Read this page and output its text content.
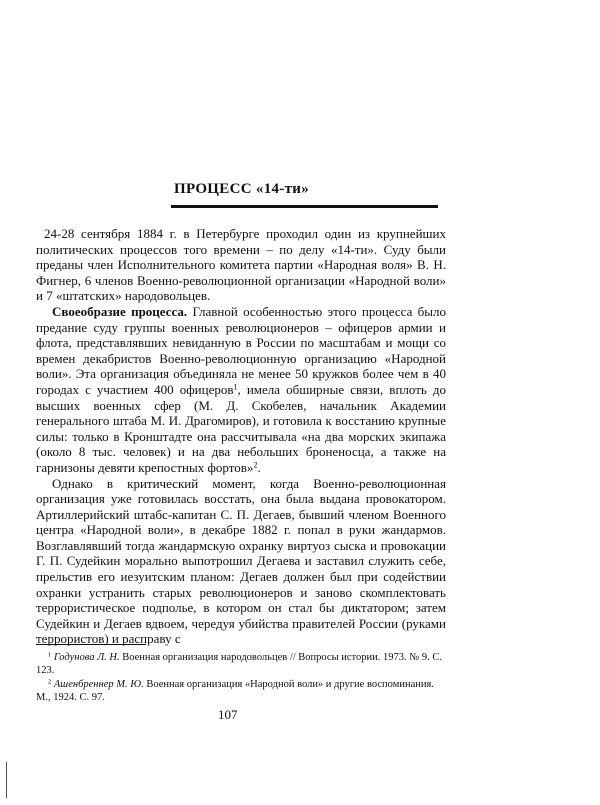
ПРОЦЕСС «14-ти»

24-28 сентября 1884 г. в Петербурге проходил один из крупнейших политических процессов того времени – по делу «14-ти». Суду были преданы член Исполнительного комитета партии «Народная воля» В. Н. Фигнер, 6 членов Военно-революционной организации «Народной воли» и 7 «штатских» народовольцев.

Своеобразие процесса. Главной особенностью этого процесса было предание суду группы военных революционеров – офицеров армии и флота, представлявших невиданную в России по масштабам и мощи со времен декабристов Военно-революционную организацию «Народной воли». Эта организация объединяла не менее 50 кружков более чем в 40 городах с участием 400 офицеров$^1$, имела обширные связи, вплоть до высших военных сфер (М. Д. Скобелев, начальник Академии генерального штаба М. И. Драгомиров), и готовила к восстанию крупные силы: только в Кронштадте она рассчитывала «на два морских экипажа (около 8 тыс. человек) и на два небольших броненосца, а также на гарнизоны девяти крепостных фортов»$^2$.

Однако в критический момент, когда Военно-революционная организация уже готовилась восстать, она была выдана провокатором. Артиллерийский штабс-капитан С. П. Дегаев, бывший членом Военного центра «Народной воли», в декабре 1882 г. попал в руки жандармов. Возглавлявший тогда жандармскую охранку виртуоз сыска и провокации Г. П. Судейкин морально выпотрошил Дегаева и заставил служить себе, прельстив его иезуитским планом: Дегаев должен был при содействии охранки устранить старых революционеров и заново скомплектовать террористическое подполье, в котором он стал бы диктатором; затем Судейкин и Дегаев вдвоем, чередуя убийства правителей России (руками террористов) и расправу с

$^1$ Годунова Л. Н. Военная организация народовольцев // Вопросы истории. 1973. № 9. С. 123.

$^2$ Ашенбреннер М. Ю. Военная организация «Народной воли» и другие воспоминания. М., 1924. С. 97.

107
